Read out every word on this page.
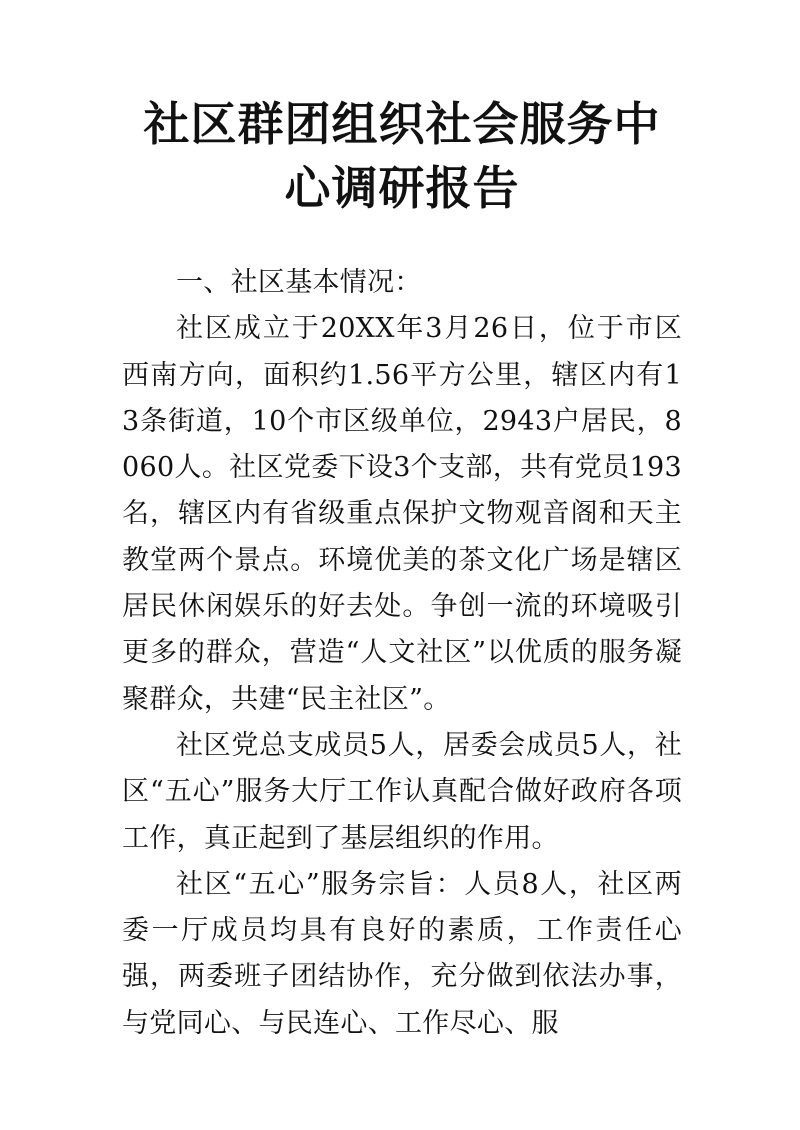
社区群团组织社会服务中
心调研报告

一、社区基本情况：

社区成立于20XX年3月26日，位于市区西南方向，面积约1.56平方公里，辖区内有13条街道，10个市区级单位，2943户居民，8060人。社区党委下设3个支部，共有党员193名，辖区内有省级重点保护文物观音阁和天主教堂两个景点。环境优美的茶文化广场是辖区居民休闲娱乐的好去处。争创一流的环境吸引更多的群众，营造“人文社区”以优质的服务凝聚群众，共建“民主社区”。

社区党总支成员5人，居委会成员5人，社区“五心”服务大厅工作认真配合做好政府各项工作，真正起到了基层组织的作用。

社区“五心”服务宗旨：人员8人，社区两委一厅成员均具有良好的素质，工作责任心强，两委班子团结协作，充分做到依法办事，与党同心、与民连心、工作尽心、服
